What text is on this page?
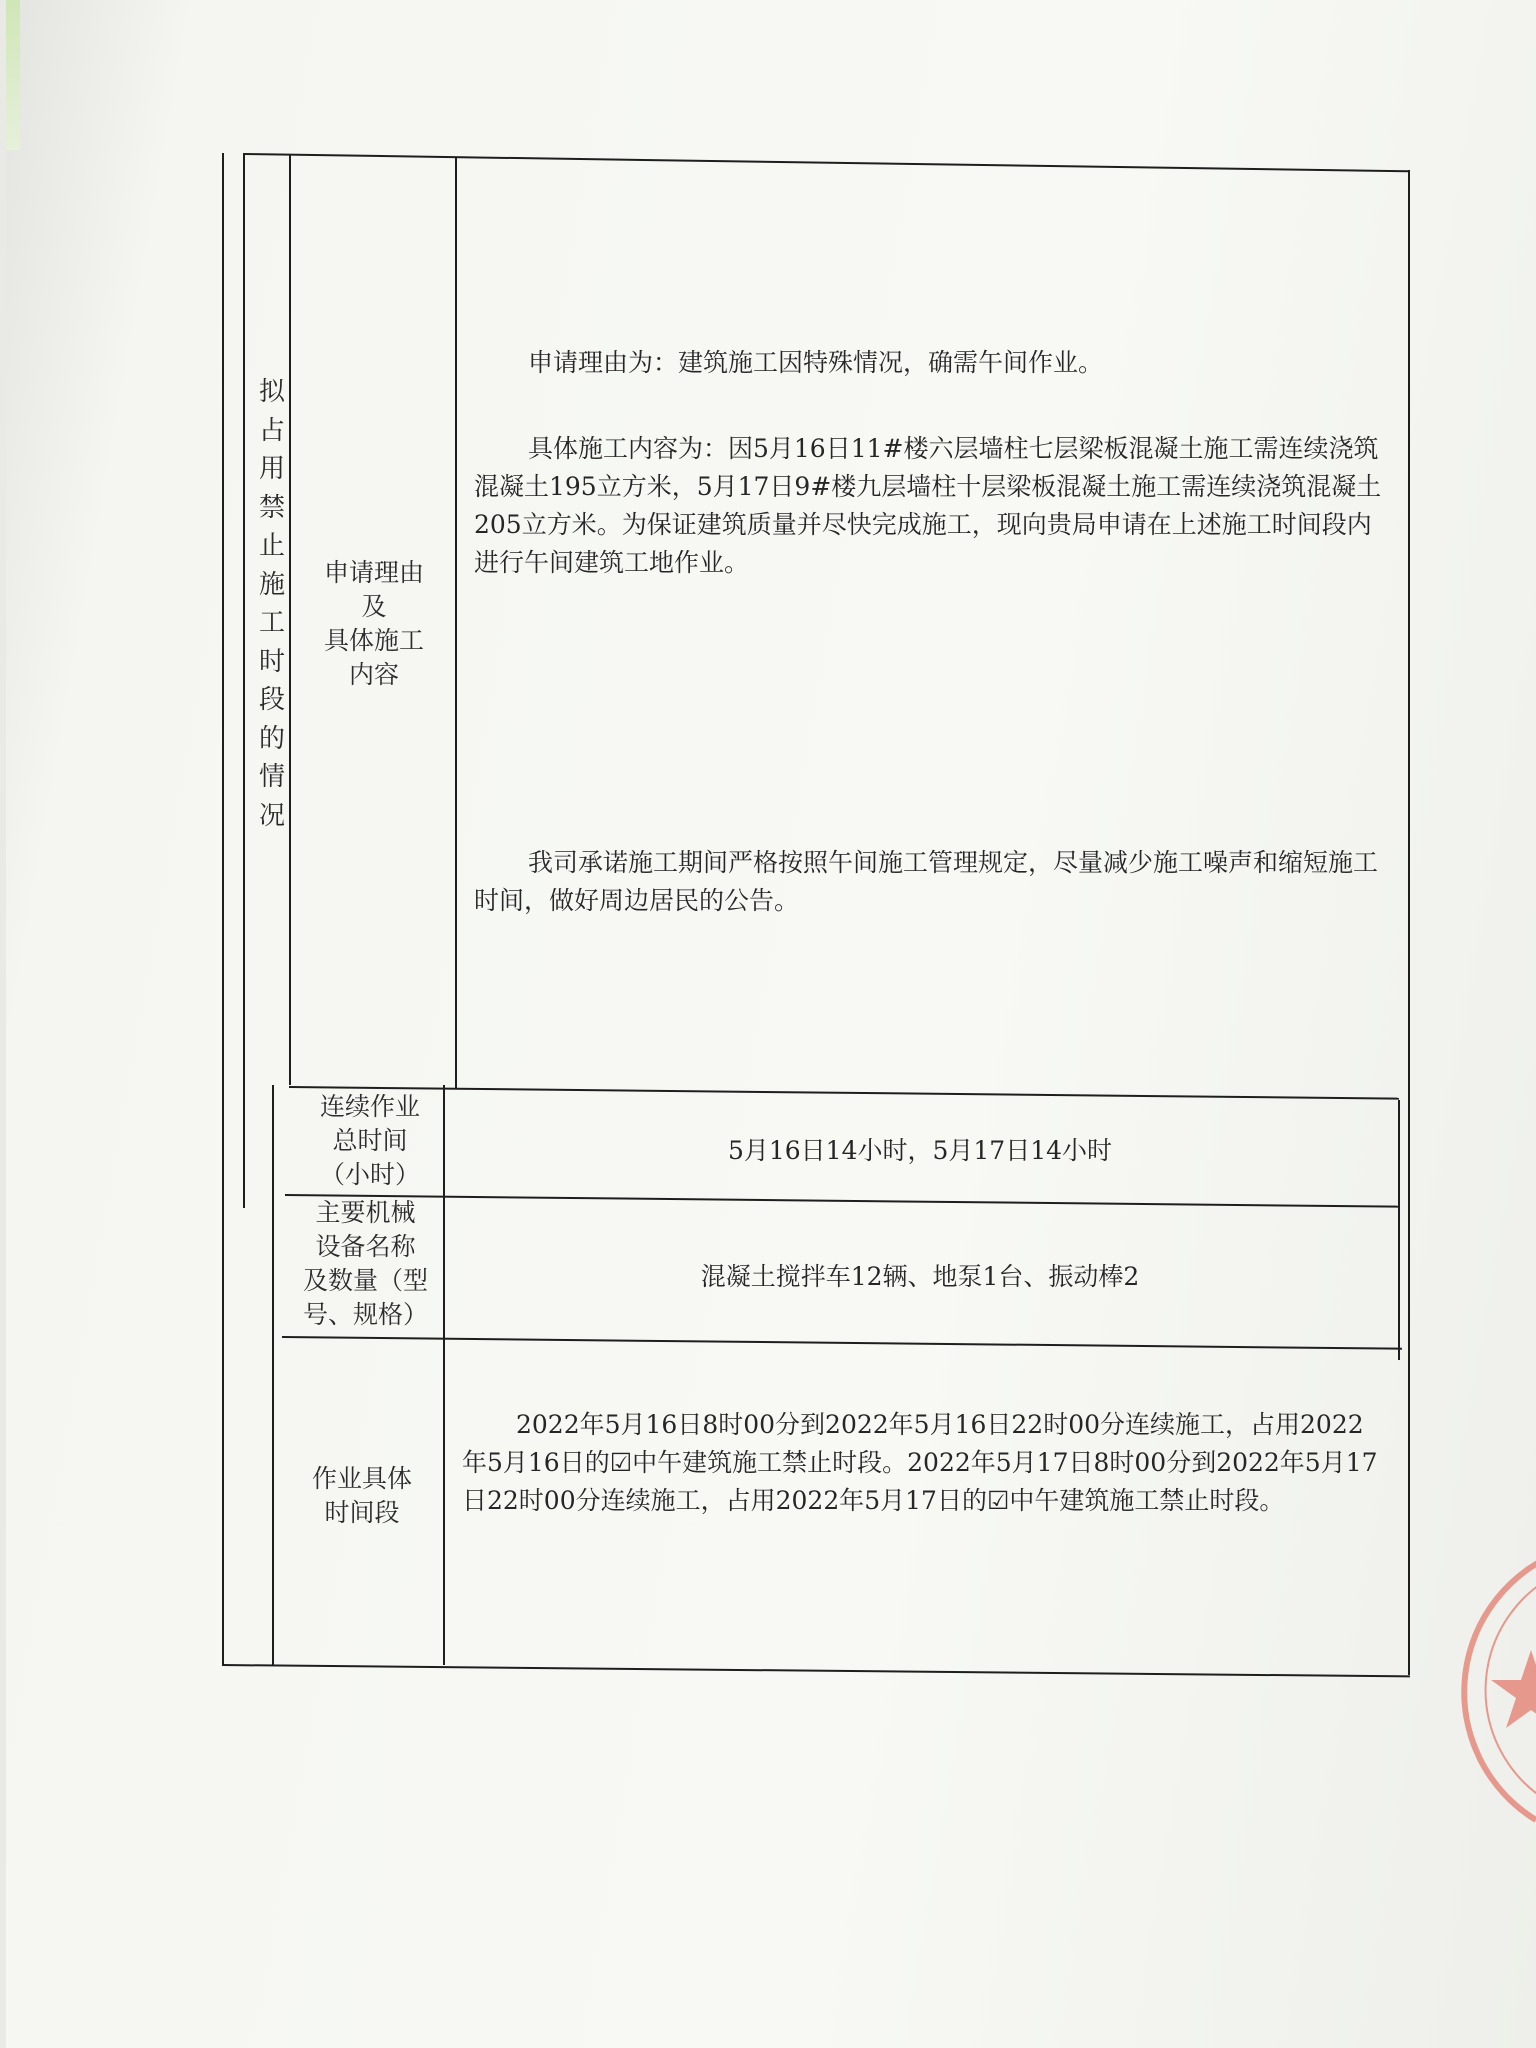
拟占用禁止施工时段的情况
申请理由
及
具体施工
内容
申请理由为：建筑施工因特殊情况，确需午间作业。
具体施工内容为：因5月16日11#楼六层墙柱七层梁板混凝土施工需连续浇筑混凝土195立方米，5月17日9#楼九层墙柱十层梁板混凝土施工需连续浇筑混凝土205立方米。为保证建筑质量并尽快完成施工，现向贵局申请在上述施工时间段内进行午间建筑工地作业。
我司承诺施工期间严格按照午间施工管理规定，尽量减少施工噪声和缩短施工时间，做好周边居民的公告。
连续作业
总时间
（小时）
5月16日14小时，5月17日14小时
主要机械
设备名称
及数量（型
号、规格）
混凝土搅拌车12辆、地泵1台、振动棒2
作业具体
时间段
2022年5月16日8时00分到2022年5月16日22时00分连续施工，占用2022年5月16日的☑中午建筑施工禁止时段。2022年5月17日8时00分到2022年5月17日22时00分连续施工，占用2022年5月17日的☑中午建筑施工禁止时段。
